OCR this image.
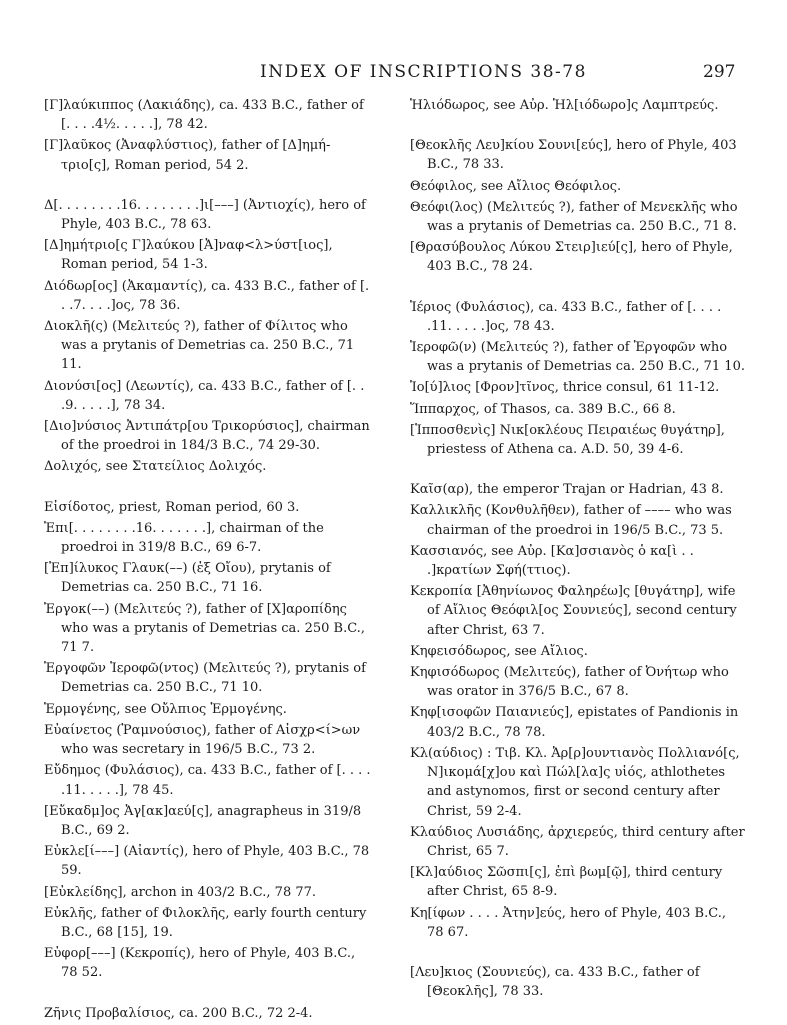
INDEX OF INSCRIPTIONS 38-78	297

[Γ]λαύκιππος (Λακιάδης), ca. 433 B.C., father of [. . . .4½. . . . .], 78 42.

[Γ]λαῦκος (Ἀναφλύστιος), father of [Δ]ημή-τριο[ς], Roman period, 54 2.

Δ[. . . . . . . .16. . . . . . . .]ι[–––] (Ἀντιοχίς), hero of Phyle, 403 B.C., 78 63.

[Δ]ημήτριο[ς Γ]λαύκου [Ἀ]ναφ<λ>ύστ[ιος], Roman period, 54 1-3.

Διόδωρ[ος] (Ἀκαμαντίς), ca. 433 B.C., father of [. . .7. . . .]ος, 78 36.

Διοκλῆ(ς) (Μελιτεύς ?), father of Φίλιτος who was a prytanis of Demetrias ca. 250 B.C., 71 11.

Διονύσι[ος] (Λεωντίς), ca. 433 B.C., father of [. . .9. . . . .], 78 34.

[Διο]νύσιος Ἀντιπάτρ[ου Τρικορύσιος], chairman of the proedroi in 184/3 B.C., 74 29-30.

Δολιχός, see Στατείλιος Δολιχός.

Εἰσίδοτος, priest, Roman period, 60 3.

Ἐπι[. . . . . . . .16. . . . . . .], chairman of the proedroi in 319/8 B.C., 69 6-7.

[Ἐπ]ίλυκος Γλαυκ(––) (ἐξ Οἴου), prytanis of Demetrias ca. 250 B.C., 71 16.

Ἐργοκ(––) (Μελιτεύς ?), father of [Χ]αροπίδης who was a prytanis of Demetrias ca. 250 B.C., 71 7.

Ἐργοφῶν Ἱεροφῶ(ντος) (Μελιτεύς ?), prytanis of Demetrias ca. 250 B.C., 71 10.

Ἑρμογένης, see Οὔλπιος Ἑρμογένης.

Εὐαίνετος (Ῥαμνούσιος), father of Αἰσχρ<ί>ων who was secretary in 196/5 B.C., 73 2.

Εὔδημος (Φυλάσιος), ca. 433 B.C., father of [. . . . .11. . . . .], 78 45.

[Εὔκαδμ]ος Ἀγ[ακ]αεύ[ς], anagrapheus in 319/8 B.C., 69 2.

Εὐκλε[ί–––] (Αἰαντίς), hero of Phyle, 403 B.C., 78 59.

[Εὐκλείδης], archon in 403/2 B.C., 78 77.

Εὐκλῆς, father of Φιλοκλῆς, early fourth century B.C., 68 [15], 19.

Εὐφορ[–––] (Κεκροπίς), hero of Phyle, 403 B.C., 78 52.

Ζῆνις Προβαλίσιος, ca. 200 B.C., 72 2-4.

Ἡλιόδωρος, see Αὐρ. Ἡλ[ιόδωρο]ς Λαμπτρεύς.

[Θεοκλῆς Λευ]κίου Σουνι[εύς], hero of Phyle, 403 B.C., 78 33.

Θεόφιλος, see Αἴλιος Θεόφιλος.

Θεόφι(λος) (Μελιτεύς ?), father of Μενεκλῆς who was a prytanis of Demetrias ca. 250 B.C., 71 8.

[Θρασύβουλος Λύκου Στειρ]ιεύ[ς], hero of Phyle, 403 B.C., 78 24.

Ἱέριος (Φυλάσιος), ca. 433 B.C., father of [. . . . .11. . . . .]ος, 78 43.

Ἱεροφῶ(ν) (Μελιτεύς ?), father of Ἐργοφῶν who was a prytanis of Demetrias ca. 250 B.C., 71 10.

Ἰο[ύ]λιος [Φρον]τῖνος, thrice consul, 61 11-12.

Ἵππαρχος, of Thasos, ca. 389 B.C., 66 8.

[Ἱπποσθενὶς] Νικ[οκλέους Πειραιέως θυγάτηρ], priestess of Athena ca. A.D. 50, 39 4-6.

Καῖσ(αρ), the emperor Trajan or Hadrian, 43 8.

Καλλικλῆς (Κονθυλῆθεν), father of –––– who was chairman of the proedroi in 196/5 B.C., 73 5.

Κασσιανός, see Αὐρ. [Κα]σσιανὸς ὁ κα[ὶ . . .]κρατίων Σφή(ττιος).

Κεκροπία [Ἀθηνίωνος Φαληρέω]ς [θυγάτηρ], wife of Αἴλιος Θεόφιλ[ος Σουνιεύς], second century after Christ, 63 7.

Κηφεισόδωρος, see Αἴλιος.

Κηφισόδωρος (Μελιτεύς), father of Ὀνήτωρ who was orator in 376/5 B.C., 67 8.

Κηφ[ισοφῶν Παιανιεύς], epistates of Pandionis in 403/2 B.C., 78 78.

Κλ(αύδιος) : Τιβ. Κλ. Ἀρ[ρ]ουντιανὸς Πολλιανό[ς, Ν]ικομά[χ]ου καὶ Πώλ[λα]ς υἱός, athlothetes and astynomos, first or second century after Christ, 59 2-4.

Κλαύδιος Λυσιάδης, ἀρχιερεύς, third century after Christ, 65 7.

[Κλ]αύδιος Σῶσπι[ς], ἐπὶ βωμ[ῷ], third century after Christ, 65 8-9.

Κη[ίφων . . . . Ἀτην]εύς, hero of Phyle, 403 B.C., 78 67.

[Λευ]κιος (Σουνιεύς), ca. 433 B.C., father of [Θεοκλῆς], 78 33.
